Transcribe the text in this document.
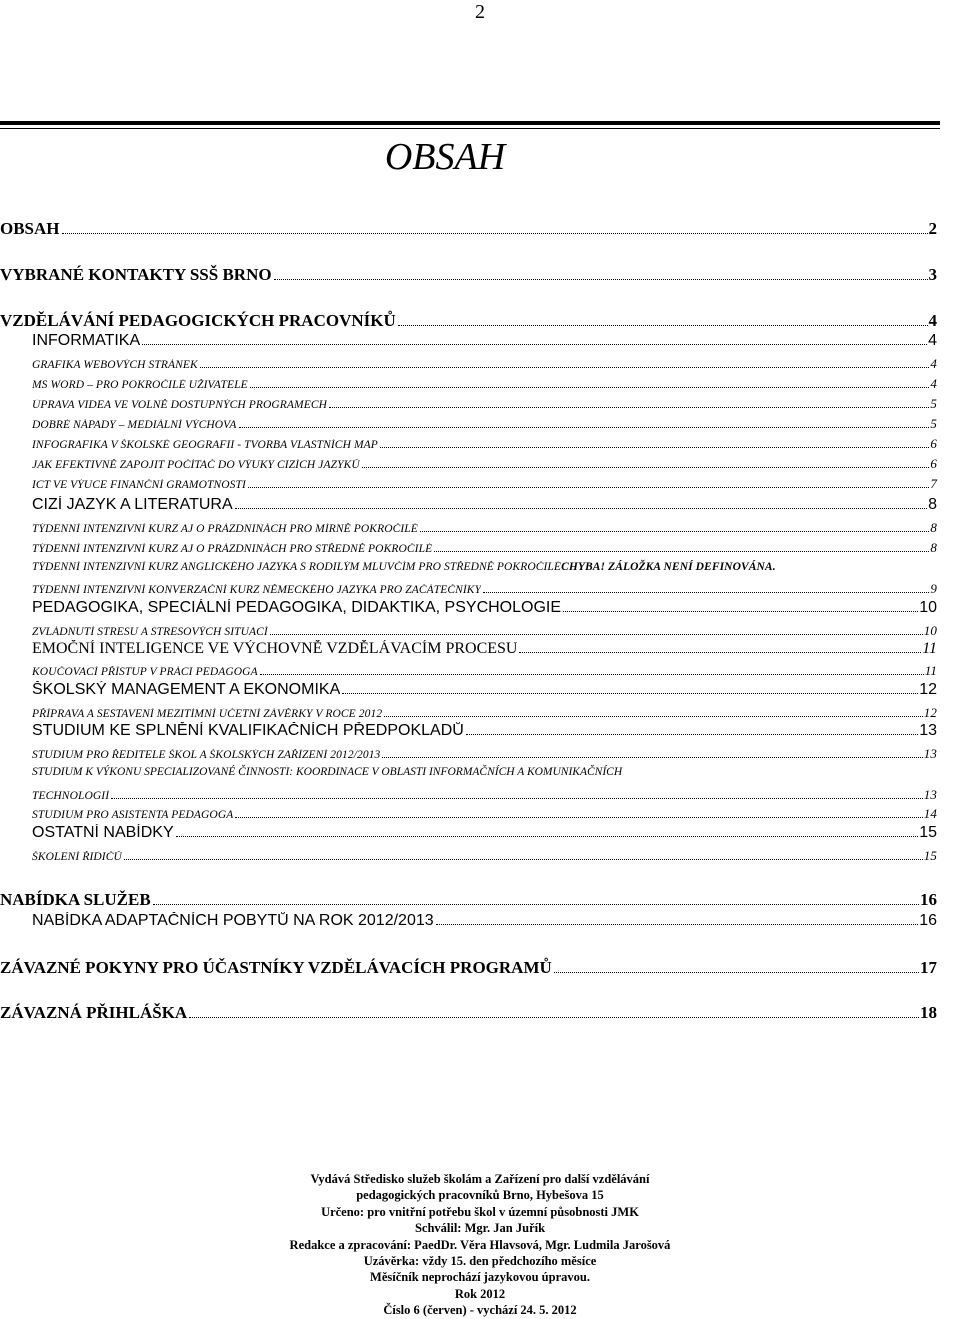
2
OBSAH
OBSAH	2
VYBRANÉ KONTAKTY SSŠ BRNO	3
VZDĚLÁVÁNÍ PEDAGOGICKÝCH PRACOVNÍKŮ	4
INFORMATIKA	4
GRAFIKA WEBOVÝCH STRÁNEK	4
MS WORD – PRO POKROČILÉ UŽIVATELE	4
ÚPRAVA VIDEA VE VOLNĚ DOSTUPNÝCH PROGRAMECH	5
DOBRÉ NÁPADY – MEDIÁLNÍ VÝCHOVA	5
INFOGRAFIKA V ŠKOLSKÉ GEOGRAFII - TVORBA VLASTNÍCH MAP	6
JAK EFEKTIVNĚ ZAPOJIT POČÍTAČ DO VÝUKY CIZÍCH JAZYKŮ	6
ICT VE VÝUCE FINANČNÍ GRAMOTNOSTI	7
CIZÍ JAZYK A LITERATURA	8
TÝDENNÍ INTENZIVNÍ KURZ AJ O PRÁZDNINÁCH PRO MÍRNĚ POKROČILÉ	8
TÝDENNÍ INTENZIVNÍ KURZ AJ O PRÁZDNINÁCH PRO STŘEDNĚ POKROČILÉ	8
TÝDENNÍ INTENZIVNÍ KURZ ANGLICKÉHO JAZYKA S RODILÝM MLUVČÍM PRO STŘEDNĚ POKROČILÉ CHYBA! ZÁLOŽKA NENÍ DEFINOVÁNA.
TÝDENNÍ INTENZIVNÍ KONVERZAČNÍ KURZ NĚMECKÉHO JAZYKA PRO ZAČÁTEČNÍKY	9
PEDAGOGIKA, SPECIÁLNÍ PEDAGOGIKA, DIDAKTIKA, PSYCHOLOGIE	10
ZVLÁDNUTÍ STRESU A STRESOVÝCH SITUACÍ	10
EMOČNÍ INTELIGENCE VE VÝCHOVNĚ VZDĚLÁVACÍM PROCESU	11
KOUČOVACÍ PŘÍSTUP V PRÁCI PEDAGOGA	11
ŠKOLSKÝ MANAGEMENT A EKONOMIKA	12
PŘÍPRAVA A SESTAVENÍ MEZITÍMNÍ ÚČETNÍ ZÁVĚRKY V ROCE 2012	12
STUDIUM KE SPLNĚNÍ KVALIFIKAČNÍCH PŘEDPOKLADŮ	13
STUDIUM PRO ŘEDITELE ŠKOL A ŠKOLSKÝCH ZAŘÍZENÍ 2012/2013	13
STUDIUM K VÝKONU SPECIALIZOVANÉ ČINNOSTI: KOORDINACE V OBLASTI INFORMAČNÍCH A KOMUNIKAČNÍCH
TECHNOLOGIÍ	13
STUDIUM PRO ASISTENTA PEDAGOGA	14
OSTATNÍ NABÍDKY	15
ŠKOLENÍ ŘIDIČŮ	15
NABÍDKA SLUŽEB	16
NABÍDKA ADAPTAČNÍCH POBYTŮ NA ROK 2012/2013	16
ZÁVAZNÉ POKYNY PRO ÚČASTNÍKY VZDĚLÁVACÍCH PROGRAMŮ	17
ZÁVAZNÁ PŘIHLÁŠKA	18
Vydává Středisko služeb školám a Zařízení pro další vzdělávání
pedagogických pracovníků Brno, Hybešova 15
Určeno: pro vnitřní potřebu škol v územní působnosti JMK
Schválil: Mgr. Jan Juřík
Redakce a zpracování: PaedDr. Věra Hlavsová, Mgr. Ludmila Jarošová
Uzávěrka: vždy 15. den předchozího měsíce
Měsíčník neprochází jazykovou úpravou.
Rok 2012
Číslo 6 (červen) - vychází 24. 5. 2012
